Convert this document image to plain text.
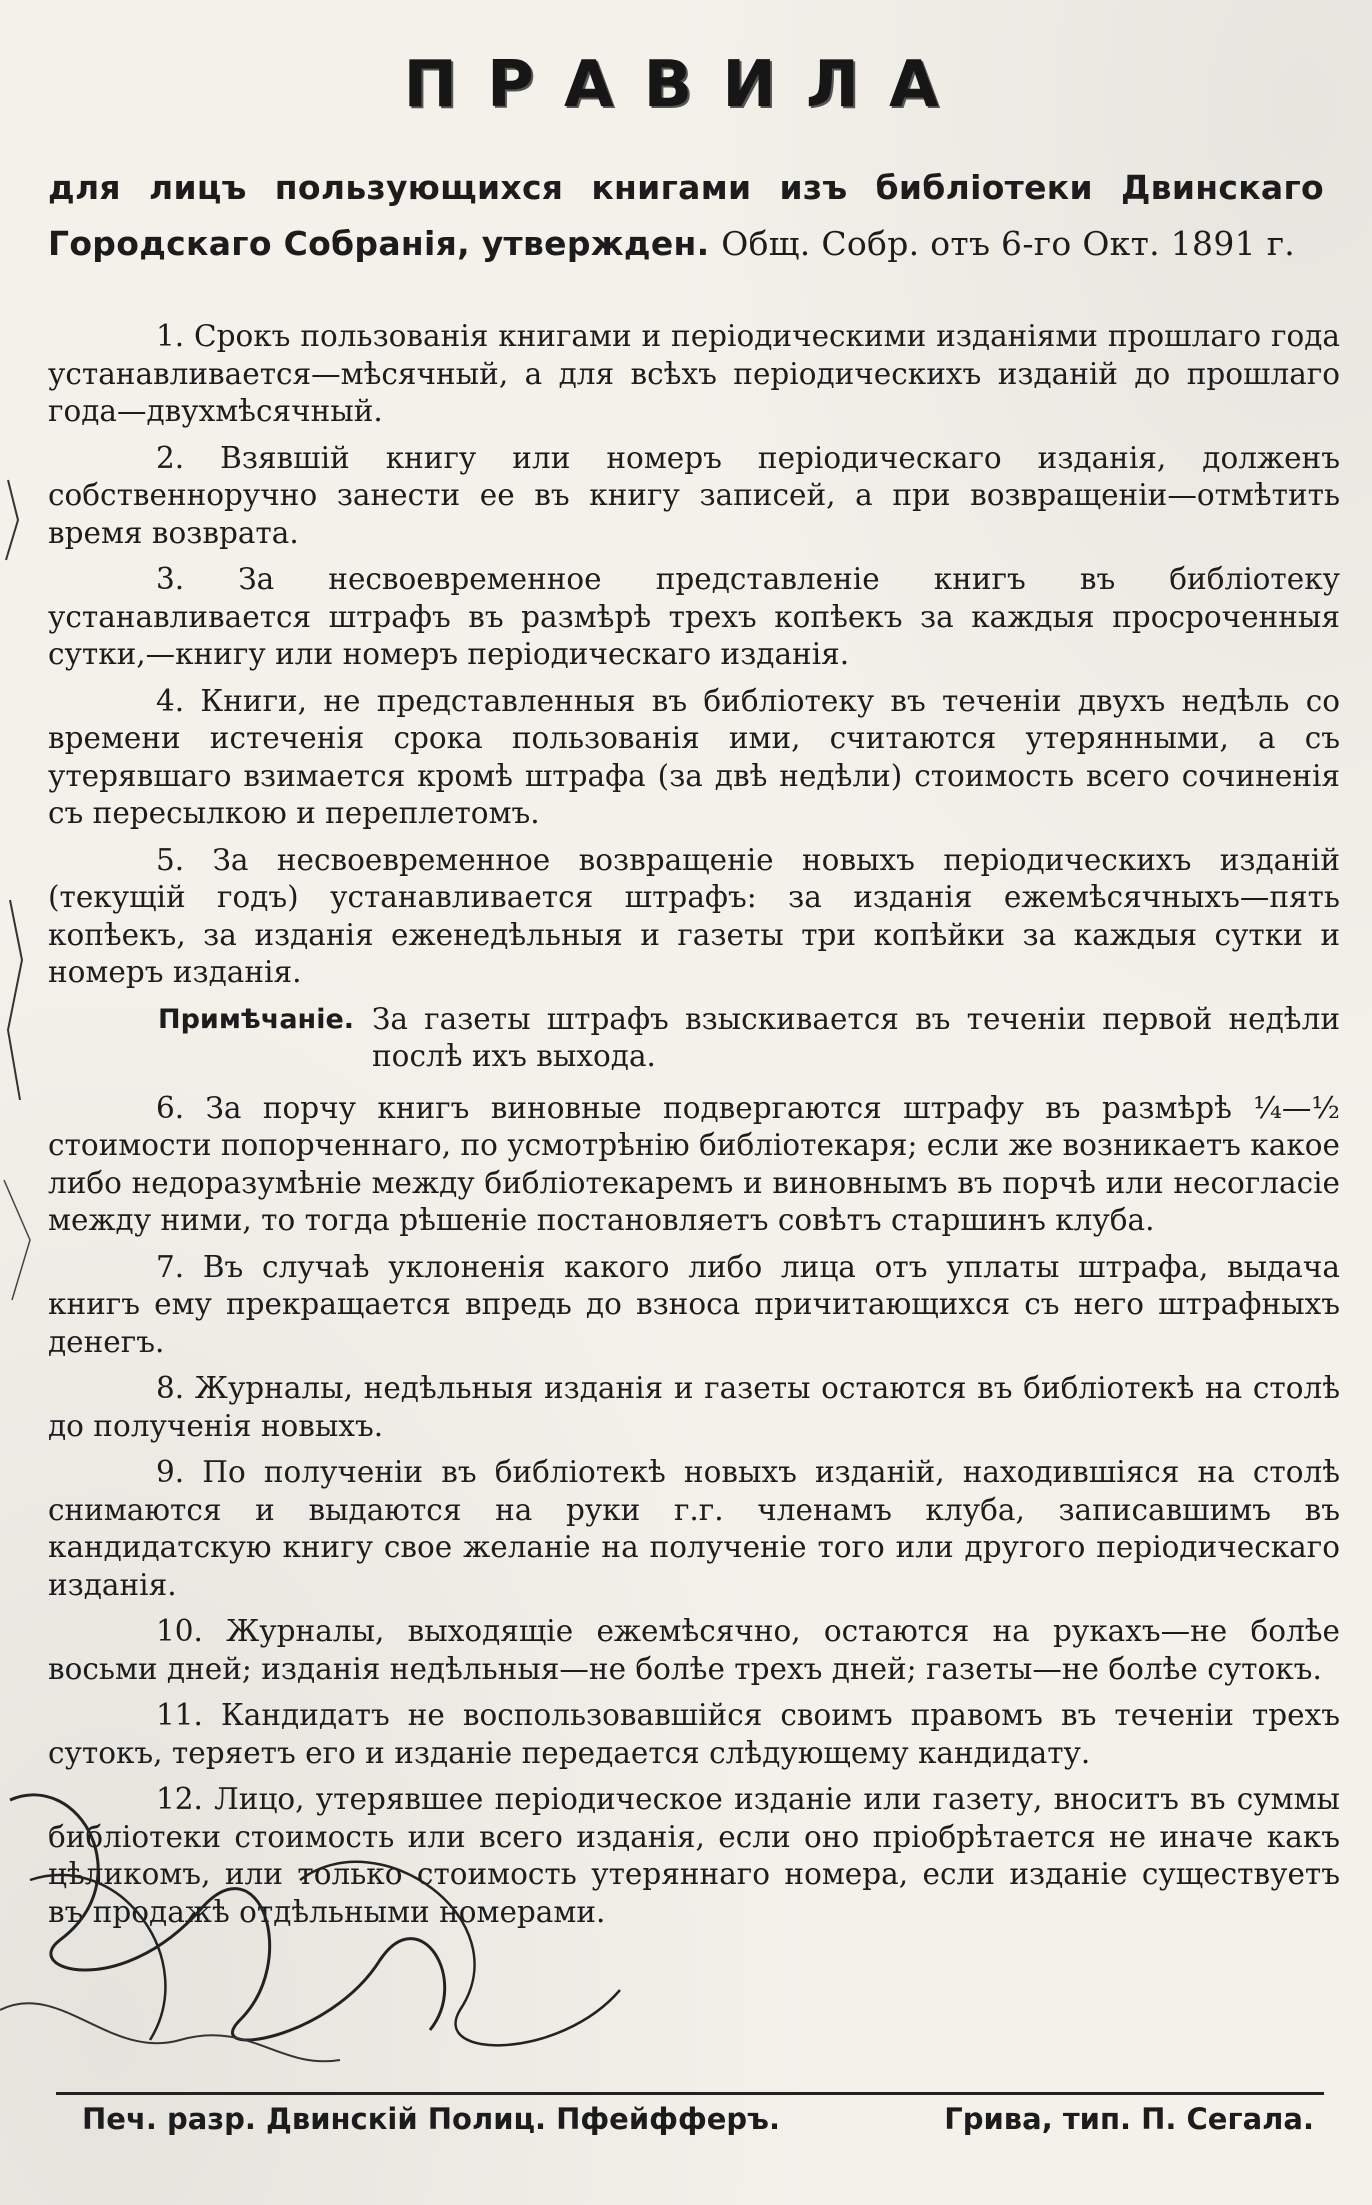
ПРАВИЛА
для лицъ пользующихся книгами изъ библіотеки Двинскаго Городскаго Собранія, утвержден. Общ. Собр. отъ 6-го Окт. 1891 г.

1. Срокъ пользованія книгами и періодическими изданіями прошлаго года устанавливается—мѣсячный, а для всѣхъ періодическихъ изданій до прошлаго года—двухмѣсячный.

2. Взявшій книгу или номеръ періодическаго изданія, долженъ собственноручно занести ее въ книгу записей, а при возвращеніи—отмѣтить время возврата.

3. За несвоевременное представленіе книгъ въ библіотеку устанавливается штрафъ въ размѣрѣ трехъ копѣекъ за каждыя просроченныя сутки,—книгу или номеръ періодическаго изданія.

4. Книги, не представленныя въ библіотеку въ теченіи двухъ недѣль со времени истеченія срока пользованія ими, считаются утерянными, а съ утерявшаго взимается кромѣ штрафа (за двѣ недѣли) стоимость всего сочиненія съ пересылкою и переплетомъ.

5. За несвоевременное возвращеніе новыхъ періодическихъ изданій (текущій годъ) устанавливается штрафъ: за изданія ежемѣсячныхъ—пять копѣекъ, за изданія еженедѣльныя и газеты три копѣйки за каждыя сутки и номеръ изданія.

Примѣчаніе. За газеты штрафъ взыскивается въ теченіи первой недѣли послѣ ихъ выхода.

6. За порчу книгъ виновные подвергаются штрафу въ размѣрѣ ¼—½ стоимости попорченнаго, по усмотрѣнію библіотекаря; если же возникаетъ какое либо недоразумѣніе между библіотекаремъ и виновнымъ въ порчѣ или несогласіе между ними, то тогда рѣшеніе постановляетъ совѣтъ старшинъ клуба.

7. Въ случаѣ уклоненія какого либо лица отъ уплаты штрафа, выдача книгъ ему прекращается впредь до взноса причитающихся съ него штрафныхъ денегъ.

8. Журналы, недѣльныя изданія и газеты остаются въ библіотекѣ на столѣ до полученія новыхъ.

9. По полученіи въ библіотекѣ новыхъ изданій, находившіяся на столѣ снимаются и выдаются на руки г.г. членамъ клуба, записавшимъ въ кандидатскую книгу свое желаніе на полученіе того или другого періодическаго изданія.

10. Журналы, выходящіе ежемѣсячно, остаются на рукахъ—не болѣе восьми дней; изданія недѣльныя—не болѣе трехъ дней; газеты—не болѣе сутокъ.

11. Кандидатъ не воспользовавшійся своимъ правомъ въ теченіи трехъ сутокъ, теряетъ его и изданіе передается слѣдующему кандидату.

12. Лицо, утерявшее періодическое изданіе или газету, вноситъ въ суммы библіотеки стоимость или всего изданія, если оно пріобрѣтается не иначе какъ цѣликомъ, или только стоимость утеряннаго номера, если изданіе существуетъ въ продажѣ отдѣльными номерами.

Печ. разр. Двинскій Полиц. Пфейфферъ.	Грива, тип. П. Сегала.
